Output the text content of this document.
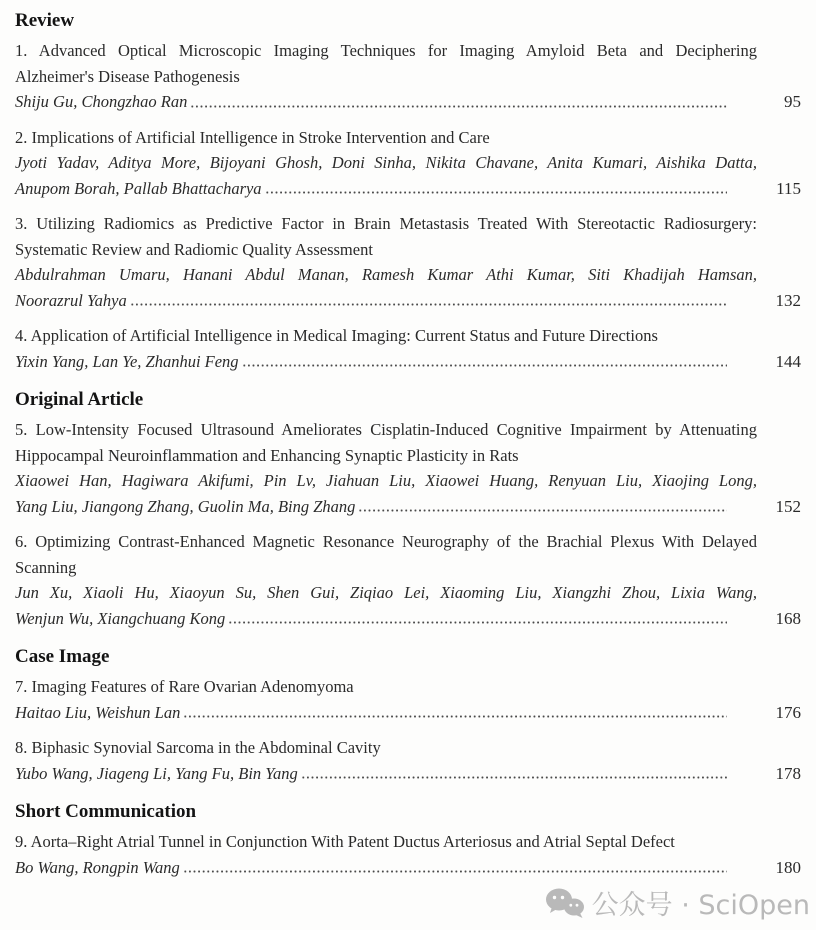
Review
1. Advanced Optical Microscopic Imaging Techniques for Imaging Amyloid Beta and Deciphering
Alzheimer's Disease Pathogenesis
Shiju Gu, Chongzhao Ran	95
2. Implications of Artificial Intelligence in Stroke Intervention and Care
Jyoti Yadav, Aditya More, Bijoyani Ghosh, Doni Sinha, Nikita Chavane, Anita Kumari, Aishika Datta,
Anupom Borah, Pallab Bhattacharya	115
3. Utilizing Radiomics as Predictive Factor in Brain Metastasis Treated With Stereotactic Radiosurgery:
Systematic Review and Radiomic Quality Assessment
Abdulrahman Umaru, Hanani Abdul Manan, Ramesh Kumar Athi Kumar, Siti Khadijah Hamsan,
Noorazrul Yahya	132
4. Application of Artificial Intelligence in Medical Imaging: Current Status and Future Directions
Yixin Yang, Lan Ye, Zhanhui Feng	144
Original Article
5. Low-Intensity Focused Ultrasound Ameliorates Cisplatin-Induced Cognitive Impairment by Attenuating
Hippocampal Neuroinflammation and Enhancing Synaptic Plasticity in Rats
Xiaowei Han, Hagiwara Akifumi, Pin Lv, Jiahuan Liu, Xiaowei Huang, Renyuan Liu, Xiaojing Long,
Yang Liu, Jiangong Zhang, Guolin Ma, Bing Zhang	152
6. Optimizing Contrast-Enhanced Magnetic Resonance Neurography of the Brachial Plexus With Delayed
Scanning
Jun Xu, Xiaoli Hu, Xiaoyun Su, Shen Gui, Ziqiao Lei, Xiaoming Liu, Xiangzhi Zhou, Lixia Wang,
Wenjun Wu, Xiangchuang Kong	168
Case Image
7. Imaging Features of Rare Ovarian Adenomyoma
Haitao Liu, Weishun Lan	176
8. Biphasic Synovial Sarcoma in the Abdominal Cavity
Yubo Wang, Jiageng Li, Yang Fu, Bin Yang	178
Short Communication
9. Aorta–Right Atrial Tunnel in Conjunction With Patent Ductus Arteriosus and Atrial Septal Defect
Bo Wang, Rongpin Wang	180
公众号 · SciOpen
